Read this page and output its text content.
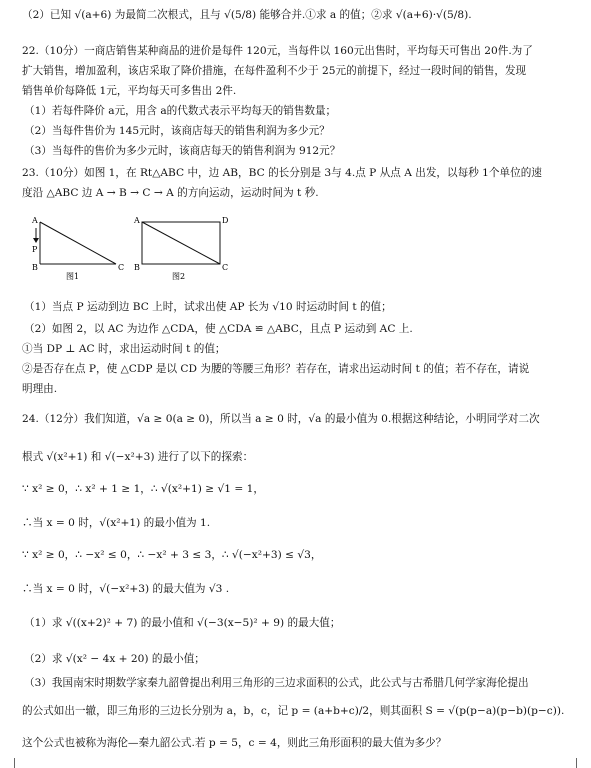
（2）已知 √(a+6) 为最简二次根式，且与 √(5/8) 能够合并.①求 a 的值；②求 √(a+6)·√(5/8).
22.（10分）一商店销售某种商品的进价是每件 120元，当每件以 160元出售时，平均每天可售出 20件.为了
扩大销售，增加盈利，该店采取了降价措施，在每件盈利不少于 25元的前提下，经过一段时间的销售，发现
销售单价每降低 1元，平均每天可多售出 2件.
（1）若每件降价 a元，用含 a的代数式表示平均每天的销售数量；
（2）当每件售价为 145元时，该商店每天的销售利润为多少元？
（3）当每件的售价为多少元时，该商店每天的销售利润为 912元？
23.（10分）如图 1，在 Rt△ABC 中，边 AB，BC 的长分别是 3与 4.点 P 从点 A 出发，以每秒 1个单位的速
度沿 △ABC 边 A → B → C → A 的方向运动，运动时间为 t 秒.
A
P
B	C
图1
A	D
B	C
图2
（1）当点 P 运动到边 BC 上时，试求出使 AP 长为 √10 时运动时间 t 的值；
（2）如图 2，以 AC 为边作 △CDA，使 △CDA ≌ △ABC，且点 P 运动到 AC 上.
①当 DP ⊥ AC 时，求出运动时间 t 的值；
②是否存在点 P，使 △CDP 是以 CD 为腰的等腰三角形？若存在，请求出运动时间 t 的值；若不存在，请说
明理由.
24.（12分）我们知道，√a ≥ 0(a ≥ 0)，所以当 a ≥ 0 时，√a 的最小值为 0.根据这种结论，小明同学对二次
根式 √(x²+1) 和 √(−x²+3) 进行了以下的探索：
∵ x² ≥ 0，∴ x² + 1 ≥ 1，∴ √(x²+1) ≥ √1 = 1，
∴当 x = 0 时，√(x²+1) 的最小值为 1.
∵ x² ≥ 0，∴ −x² ≤ 0，∴ −x² + 3 ≤ 3，∴ √(−x²+3) ≤ √3，
∴当 x = 0 时，√(−x²+3) 的最大值为 √3 .
（1）求 √((x+2)² + 7) 的最小值和 √(−3(x−5)² + 9) 的最大值；
（2）求 √(x² − 4x + 20) 的最小值；
（3）我国南宋时期数学家秦九韶曾提出利用三角形的三边求面积的公式，此公式与古希腊几何学家海伦提出
的公式如出一辙，即三角形的三边长分别为 a，b，c，记 p = (a+b+c)/2，则其面积 S = √(p(p−a)(p−b)(p−c)).
这个公式也被称为海伦—秦九韶公式.若 p = 5，c = 4，则此三角形面积的最大值为多少？
